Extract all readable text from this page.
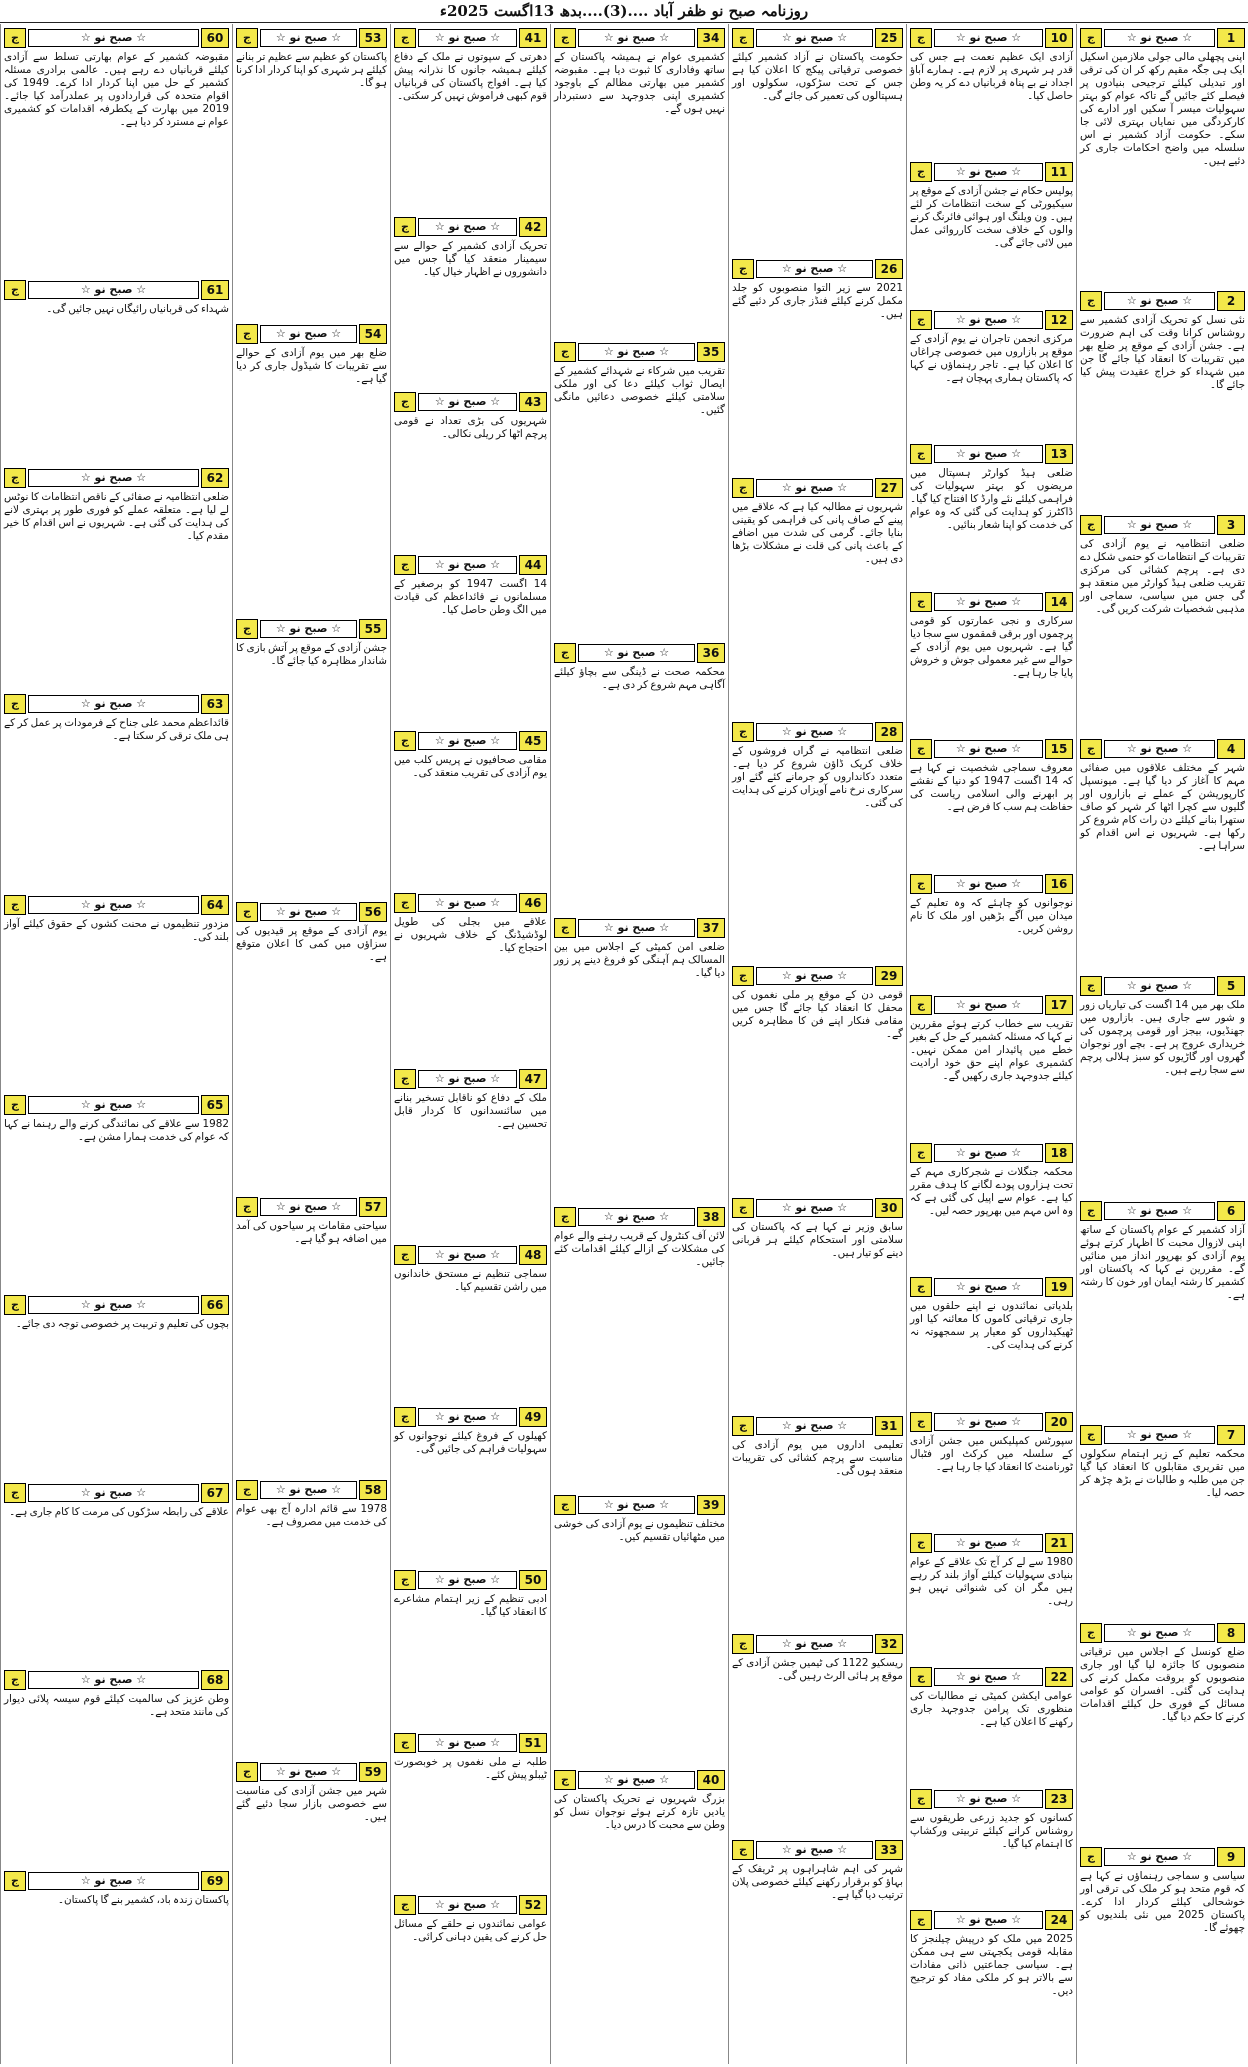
روزنامہ صبح نو ظفر آباد ....(3)....بدھ 13اگست 2025ء
1
☆ صبح نو ☆
ج
اپنی پچھلی مالی جولی ملازمین اسکیل ایک ہی جگہ مقیم رکھ کر ان کی ترقی اور تبدیلی کیلئے ترجیحی بنیادوں پر فیصلے کئے جائیں گے تاکہ عوام کو بہتر سہولیات میسر آ سکیں اور ادارے کی کارکردگی میں نمایاں بہتری لائی جا سکے۔ حکومت آزاد کشمیر نے اس سلسلہ میں واضح احکامات جاری کر دئیے ہیں۔
2
☆ صبح نو ☆
ج
نئی نسل کو تحریک آزادی کشمیر سے روشناس کرانا وقت کی اہم ضرورت ہے۔ جشن آزادی کے موقع پر ضلع بھر میں تقریبات کا انعقاد کیا جائے گا جن میں شہداء کو خراج عقیدت پیش کیا جائے گا۔
3
☆ صبح نو ☆
ج
ضلعی انتظامیہ نے یوم آزادی کی تقریبات کے انتظامات کو حتمی شکل دے دی ہے۔ پرچم کشائی کی مرکزی تقریب ضلعی ہیڈ کوارٹر میں منعقد ہو گی جس میں سیاسی، سماجی اور مذہبی شخصیات شرکت کریں گی۔
4
☆ صبح نو ☆
ج
شہر کے مختلف علاقوں میں صفائی مہم کا آغاز کر دیا گیا ہے۔ میونسپل کارپوریشن کے عملے نے بازاروں اور گلیوں سے کچرا اٹھا کر شہر کو صاف ستھرا بنانے کیلئے دن رات کام شروع کر رکھا ہے۔ شہریوں نے اس اقدام کو سراہا ہے۔
5
☆ صبح نو ☆
ج
ملک بھر میں 14 اگست کی تیاریاں زور و شور سے جاری ہیں۔ بازاروں میں جھنڈیوں، بیجز اور قومی پرچموں کی خریداری عروج پر ہے۔ بچے اور نوجوان گھروں اور گاڑیوں کو سبز ہلالی پرچم سے سجا رہے ہیں۔
6
☆ صبح نو ☆
ج
آزاد کشمیر کے عوام پاکستان کے ساتھ اپنی لازوال محبت کا اظہار کرتے ہوئے یوم آزادی کو بھرپور انداز میں منائیں گے۔ مقررین نے کہا کہ پاکستان اور کشمیر کا رشتہ ایمان اور خون کا رشتہ ہے۔
7
☆ صبح نو ☆
ج
محکمہ تعلیم کے زیر اہتمام سکولوں میں تقریری مقابلوں کا انعقاد کیا گیا جن میں طلبہ و طالبات نے بڑھ چڑھ کر حصہ لیا۔
8
☆ صبح نو ☆
ج
ضلع کونسل کے اجلاس میں ترقیاتی منصوبوں کا جائزہ لیا گیا اور جاری منصوبوں کو بروقت مکمل کرنے کی ہدایت کی گئی۔ افسران کو عوامی مسائل کے فوری حل کیلئے اقدامات کرنے کا حکم دیا گیا۔
9
☆ صبح نو ☆
ج
سیاسی و سماجی رہنماؤں نے کہا ہے کہ قوم متحد ہو کر ملک کی ترقی اور خوشحالی کیلئے کردار ادا کرے۔ پاکستان 2025 میں نئی بلندیوں کو چھوئے گا۔
10
☆ صبح نو ☆
ج
آزادی ایک عظیم نعمت ہے جس کی قدر ہر شہری پر لازم ہے۔ ہمارے آباؤ اجداد نے بے پناہ قربانیاں دے کر یہ وطن حاصل کیا۔
11
☆ صبح نو ☆
ج
پولیس حکام نے جشن آزادی کے موقع پر سیکیورٹی کے سخت انتظامات کر لئے ہیں۔ ون ویلنگ اور ہوائی فائرنگ کرنے والوں کے خلاف سخت کارروائی عمل میں لائی جائے گی۔
12
☆ صبح نو ☆
ج
مرکزی انجمن تاجران نے یوم آزادی کے موقع پر بازاروں میں خصوصی چراغاں کا اعلان کیا ہے۔ تاجر رہنماؤں نے کہا کہ پاکستان ہماری پہچان ہے۔
13
☆ صبح نو ☆
ج
ضلعی ہیڈ کوارٹر ہسپتال میں مریضوں کو بہتر سہولیات کی فراہمی کیلئے نئے وارڈ کا افتتاح کیا گیا۔ ڈاکٹرز کو ہدایت کی گئی کہ وہ عوام کی خدمت کو اپنا شعار بنائیں۔
14
☆ صبح نو ☆
ج
سرکاری و نجی عمارتوں کو قومی پرچموں اور برقی قمقموں سے سجا دیا گیا ہے۔ شہریوں میں یوم آزادی کے حوالے سے غیر معمولی جوش و خروش پایا جا رہا ہے۔
15
☆ صبح نو ☆
ج
معروف سماجی شخصیت نے کہا ہے کہ 14 اگست 1947 کو دنیا کے نقشے پر ابھرنے والی اسلامی ریاست کی حفاظت ہم سب کا فرض ہے۔
16
☆ صبح نو ☆
ج
نوجوانوں کو چاہئے کہ وہ تعلیم کے میدان میں آگے بڑھیں اور ملک کا نام روشن کریں۔
17
☆ صبح نو ☆
ج
تقریب سے خطاب کرتے ہوئے مقررین نے کہا کہ مسئلہ کشمیر کے حل کے بغیر خطے میں پائیدار امن ممکن نہیں۔ کشمیری عوام اپنے حق خود ارادیت کیلئے جدوجہد جاری رکھیں گے۔
18
☆ صبح نو ☆
ج
محکمہ جنگلات نے شجرکاری مہم کے تحت ہزاروں پودے لگانے کا ہدف مقرر کیا ہے۔ عوام سے اپیل کی گئی ہے کہ وہ اس مہم میں بھرپور حصہ لیں۔
19
☆ صبح نو ☆
ج
بلدیاتی نمائندوں نے اپنے حلقوں میں جاری ترقیاتی کاموں کا معائنہ کیا اور ٹھیکیداروں کو معیار پر سمجھوتہ نہ کرنے کی ہدایت کی۔
20
☆ صبح نو ☆
ج
سپورٹس کمپلیکس میں جشن آزادی کے سلسلہ میں کرکٹ اور فٹبال ٹورنامنٹ کا انعقاد کیا جا رہا ہے۔
21
☆ صبح نو ☆
ج
1980 سے لے کر آج تک علاقے کے عوام بنیادی سہولیات کیلئے آواز بلند کر رہے ہیں مگر ان کی شنوائی نہیں ہو رہی۔
22
☆ صبح نو ☆
ج
عوامی ایکشن کمیٹی نے مطالبات کی منظوری تک پرامن جدوجہد جاری رکھنے کا اعلان کیا ہے۔
23
☆ صبح نو ☆
ج
کسانوں کو جدید زرعی طریقوں سے روشناس کرانے کیلئے تربیتی ورکشاپ کا اہتمام کیا گیا۔
24
☆ صبح نو ☆
ج
2025 میں ملک کو درپیش چیلنجز کا مقابلہ قومی یکجہتی سے ہی ممکن ہے۔ سیاسی جماعتیں ذاتی مفادات سے بالاتر ہو کر ملکی مفاد کو ترجیح دیں۔
25
☆ صبح نو ☆
ج
حکومت پاکستان نے آزاد کشمیر کیلئے خصوصی ترقیاتی پیکج کا اعلان کیا ہے جس کے تحت سڑکوں، سکولوں اور ہسپتالوں کی تعمیر کی جائے گی۔
26
☆ صبح نو ☆
ج
2021 سے زیر التوا منصوبوں کو جلد مکمل کرنے کیلئے فنڈز جاری کر دئیے گئے ہیں۔
27
☆ صبح نو ☆
ج
شہریوں نے مطالبہ کیا ہے کہ علاقے میں پینے کے صاف پانی کی فراہمی کو یقینی بنایا جائے۔ گرمی کی شدت میں اضافے کے باعث پانی کی قلت نے مشکلات بڑھا دی ہیں۔
28
☆ صبح نو ☆
ج
ضلعی انتظامیہ نے گراں فروشوں کے خلاف کریک ڈاؤن شروع کر دیا ہے۔ متعدد دکانداروں کو جرمانے کئے گئے اور سرکاری نرخ نامے آویزاں کرنے کی ہدایت کی گئی۔
29
☆ صبح نو ☆
ج
قومی دن کے موقع پر ملی نغموں کی محفل کا انعقاد کیا جائے گا جس میں مقامی فنکار اپنے فن کا مظاہرہ کریں گے۔
30
☆ صبح نو ☆
ج
سابق وزیر نے کہا ہے کہ پاکستان کی سلامتی اور استحکام کیلئے ہر قربانی دینے کو تیار ہیں۔
31
☆ صبح نو ☆
ج
تعلیمی اداروں میں یوم آزادی کی مناسبت سے پرچم کشائی کی تقریبات منعقد ہوں گی۔
32
☆ صبح نو ☆
ج
ریسکیو 1122 کی ٹیمیں جشن آزادی کے موقع پر ہائی الرٹ رہیں گی۔
33
☆ صبح نو ☆
ج
شہر کی اہم شاہراہوں پر ٹریفک کے بہاؤ کو برقرار رکھنے کیلئے خصوصی پلان ترتیب دیا گیا ہے۔
34
☆ صبح نو ☆
ج
کشمیری عوام نے ہمیشہ پاکستان کے ساتھ وفاداری کا ثبوت دیا ہے۔ مقبوضہ کشمیر میں بھارتی مظالم کے باوجود کشمیری اپنی جدوجہد سے دستبردار نہیں ہوں گے۔
35
☆ صبح نو ☆
ج
تقریب میں شرکاء نے شہدائے کشمیر کے ایصال ثواب کیلئے دعا کی اور ملکی سلامتی کیلئے خصوصی دعائیں مانگی گئیں۔
36
☆ صبح نو ☆
ج
محکمہ صحت نے ڈینگی سے بچاؤ کیلئے آگاہی مہم شروع کر دی ہے۔
37
☆ صبح نو ☆
ج
ضلعی امن کمیٹی کے اجلاس میں بین المسالک ہم آہنگی کو فروغ دینے پر زور دیا گیا۔
38
☆ صبح نو ☆
ج
لائن آف کنٹرول کے قریب رہنے والے عوام کی مشکلات کے ازالے کیلئے اقدامات کئے جائیں۔
39
☆ صبح نو ☆
ج
مختلف تنظیموں نے یوم آزادی کی خوشی میں مٹھائیاں تقسیم کیں۔
40
☆ صبح نو ☆
ج
بزرگ شہریوں نے تحریک پاکستان کی یادیں تازہ کرتے ہوئے نوجوان نسل کو وطن سے محبت کا درس دیا۔
41
☆ صبح نو ☆
ج
دھرتی کے سپوتوں نے ملک کے دفاع کیلئے ہمیشہ جانوں کا نذرانہ پیش کیا ہے۔ افواج پاکستان کی قربانیاں قوم کبھی فراموش نہیں کر سکتی۔
42
☆ صبح نو ☆
ج
تحریک آزادی کشمیر کے حوالے سے سیمینار منعقد کیا گیا جس میں دانشوروں نے اظہار خیال کیا۔
43
☆ صبح نو ☆
ج
شہریوں کی بڑی تعداد نے قومی پرچم اٹھا کر ریلی نکالی۔
44
☆ صبح نو ☆
ج
14 اگست 1947 کو برصغیر کے مسلمانوں نے قائداعظم کی قیادت میں الگ وطن حاصل کیا۔
45
☆ صبح نو ☆
ج
مقامی صحافیوں نے پریس کلب میں یوم آزادی کی تقریب منعقد کی۔
46
☆ صبح نو ☆
ج
علاقے میں بجلی کی طویل لوڈشیڈنگ کے خلاف شہریوں نے احتجاج کیا۔
47
☆ صبح نو ☆
ج
ملک کے دفاع کو ناقابل تسخیر بنانے میں سائنسدانوں کا کردار قابل تحسین ہے۔
48
☆ صبح نو ☆
ج
سماجی تنظیم نے مستحق خاندانوں میں راشن تقسیم کیا۔
49
☆ صبح نو ☆
ج
کھیلوں کے فروغ کیلئے نوجوانوں کو سہولیات فراہم کی جائیں گی۔
50
☆ صبح نو ☆
ج
ادبی تنظیم کے زیر اہتمام مشاعرے کا انعقاد کیا گیا۔
51
☆ صبح نو ☆
ج
طلبہ نے ملی نغموں پر خوبصورت ٹیبلو پیش کئے۔
52
☆ صبح نو ☆
ج
عوامی نمائندوں نے حلقے کے مسائل حل کرنے کی یقین دہانی کرائی۔
53
☆ صبح نو ☆
ج
پاکستان کو عظیم سے عظیم تر بنانے کیلئے ہر شہری کو اپنا کردار ادا کرنا ہو گا۔
54
☆ صبح نو ☆
ج
ضلع بھر میں یوم آزادی کے حوالے سے تقریبات کا شیڈول جاری کر دیا گیا ہے۔
55
☆ صبح نو ☆
ج
جشن آزادی کے موقع پر آتش بازی کا شاندار مظاہرہ کیا جائے گا۔
56
☆ صبح نو ☆
ج
یوم آزادی کے موقع پر قیدیوں کی سزاؤں میں کمی کا اعلان متوقع ہے۔
57
☆ صبح نو ☆
ج
سیاحتی مقامات پر سیاحوں کی آمد میں اضافہ ہو گیا ہے۔
58
☆ صبح نو ☆
ج
1978 سے قائم ادارہ آج بھی عوام کی خدمت میں مصروف ہے۔
59
☆ صبح نو ☆
ج
شہر میں جشن آزادی کی مناسبت سے خصوصی بازار سجا دئیے گئے ہیں۔
60
☆ صبح نو ☆
ج
مقبوضہ کشمیر کے عوام بھارتی تسلط سے آزادی کیلئے قربانیاں دے رہے ہیں۔ عالمی برادری مسئلہ کشمیر کے حل میں اپنا کردار ادا کرے۔ 1949 کی اقوام متحدہ کی قراردادوں پر عملدرآمد کیا جائے۔ 2019 میں بھارت کے یکطرفہ اقدامات کو کشمیری عوام نے مسترد کر دیا ہے۔
61
☆ صبح نو ☆
ج
شہداء کی قربانیاں رائیگاں نہیں جائیں گی۔
62
☆ صبح نو ☆
ج
ضلعی انتظامیہ نے صفائی کے ناقص انتظامات کا نوٹس لے لیا ہے۔ متعلقہ عملے کو فوری طور پر بہتری لانے کی ہدایت کی گئی ہے۔ شہریوں نے اس اقدام کا خیر مقدم کیا۔
63
☆ صبح نو ☆
ج
قائداعظم محمد علی جناح کے فرمودات پر عمل کر کے ہی ملک ترقی کر سکتا ہے۔
64
☆ صبح نو ☆
ج
مزدور تنظیموں نے محنت کشوں کے حقوق کیلئے آواز بلند کی۔
65
☆ صبح نو ☆
ج
1982 سے علاقے کی نمائندگی کرنے والے رہنما نے کہا کہ عوام کی خدمت ہمارا مشن ہے۔
66
☆ صبح نو ☆
ج
بچوں کی تعلیم و تربیت پر خصوصی توجہ دی جائے۔
67
☆ صبح نو ☆
ج
علاقے کی رابطہ سڑکوں کی مرمت کا کام جاری ہے۔
68
☆ صبح نو ☆
ج
وطن عزیز کی سالمیت کیلئے قوم سیسہ پلائی دیوار کی مانند متحد ہے۔
69
☆ صبح نو ☆
ج
پاکستان زندہ باد، کشمیر بنے گا پاکستان۔
